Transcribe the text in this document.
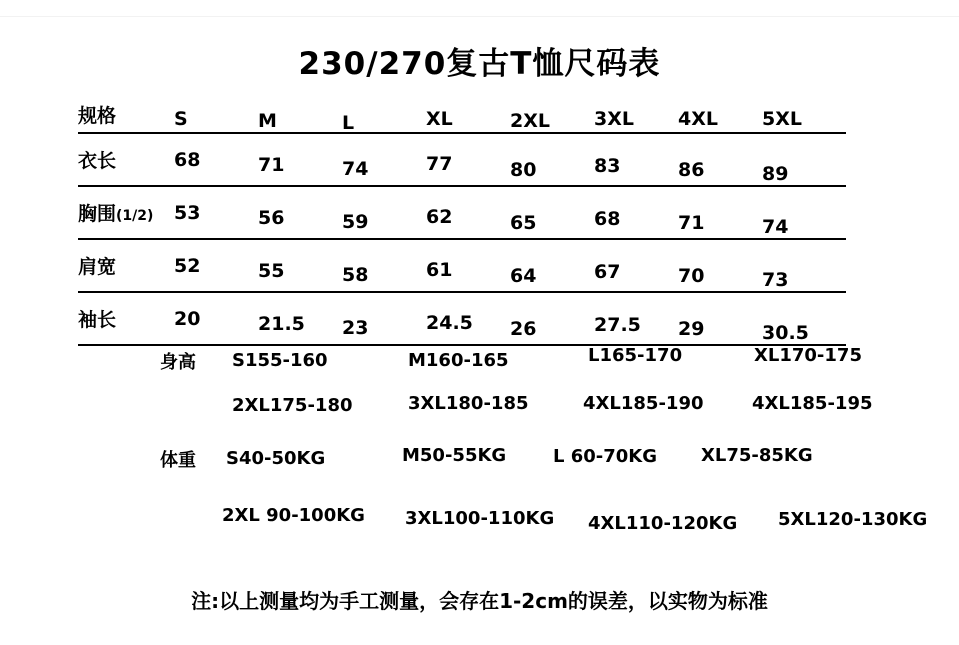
230/270复古T恤尺码表
规格	S	M	L	XL	2XL	3XL	4XL	5XL
衣长	68	71	74	77	80	83	86	89
胸围(1/2)	53	56	59	62	65	68	71	74
肩宽	52	55	58	61	64	67	70	73
袖长	20	21.5	23	24.5	26	27.5	29	30.5
身高 S155-160	M160-165	L165-170	XL170-175
2XL175-180	3XL180-185	4XL185-190	4XL185-195
体重 S40-50KG	M50-55KG	L 60-70KG XL75-85KG
2XL 90-100KG 3XL100-110KG 4XL110-120KG 5XL120-130KG
注:以上测量均为手工测量，会存在1-2cm的误差，以实物为标准
